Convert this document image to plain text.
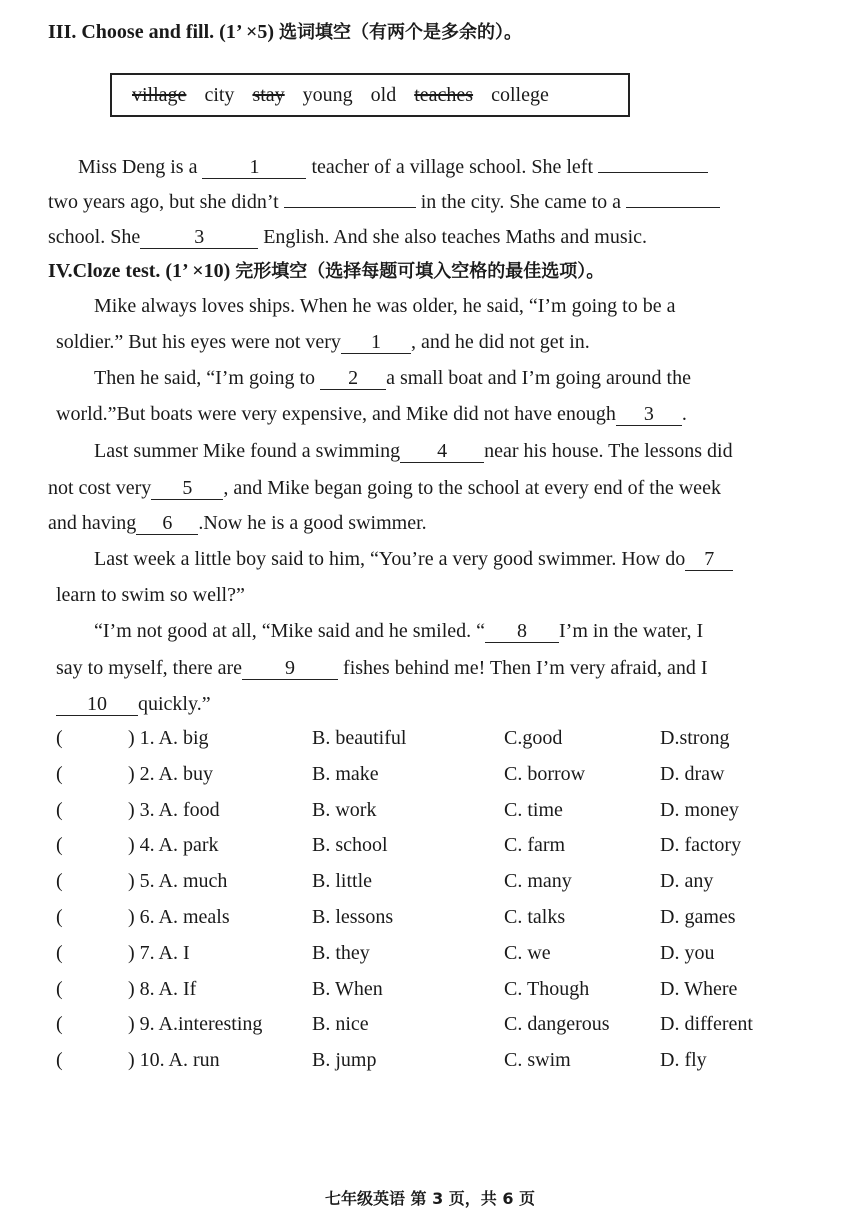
III. Choose and fill. (1’ ×5) 选词填空（有两个是多余的）。
village city stay young old teaches college
Miss Deng is a 1 teacher of a village school. She left
two years ago, but she didn’t	in the city. She came to a
school. She	3	English. And she also teaches Maths and music.
IV.Cloze test. (1’ ×10) 完形填空（选择每题可填入空格的最佳选项）。
Mike always loves ships. When he was older, he said, “I’m going to be a
soldier.” But his eyes were not very 1 , and he did not get in.
Then he said, “I’m going to 2 a small boat and I’m going around the
world.”But boats were very expensive, and Mike did not have enough 3 .
Last summer Mike found a swimming 4 near his house. The lessons did
not cost very 5 , and Mike began going to the school at every end of the week
and having 6 .Now he is a good swimmer.
Last week a little boy said to him, “You’re a very good swimmer. How do 7
learn to swim so well?”
“I’m not good at all, “Mike said and he smiled. “ 8 I’m in the water, I
say to myself, there are 9 fishes behind me! Then I’m very afraid, and I
10 quickly.”
(	) 1. A. big	B. beautiful	C.good	D.strong
(	) 2. A. buy	B. make	C. borrow	D. draw
(	) 3. A. food	B. work	C. time	D. money
(	) 4. A. park	B. school	C. farm	D. factory
(	) 5. A. much	B. little	C. many	D. any
(	) 6. A. meals	B. lessons	C. talks	D. games
(	) 7. A. I	B. they	C. we	D. you
(	) 8. A. If	B. When	C. Though	D. Where
(	) 9. A.interesting B. nice	C. dangerous	D. different
(	) 10. A. run	B. jump	C. swim	D. fly
七年级英语 第 3 页，共 6 页
